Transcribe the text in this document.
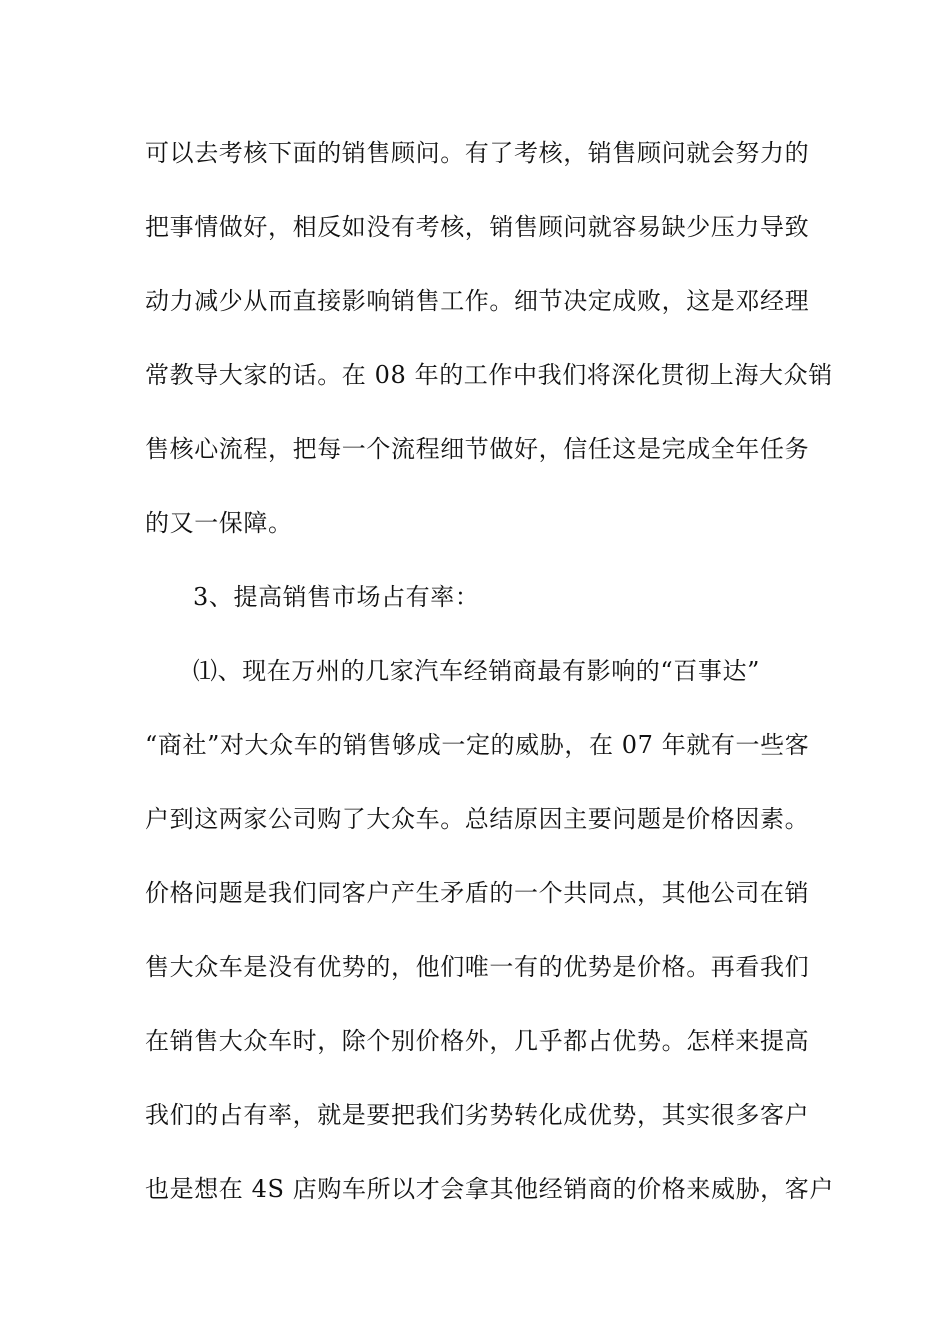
可以去考核下面的销售顾问。有了考核，销售顾问就会努力的
把事情做好，相反如没有考核，销售顾问就容易缺少压力导致
动力减少从而直接影响销售工作。细节决定成败，这是邓经理
常教导大家的话。在 08 年的工作中我们将深化贯彻上海大众销
售核心流程，把每一个流程细节做好，信任这是完成全年任务
的又一保障。
3、提高销售市场占有率：
⑴、现在万州的几家汽车经销商最有影响的“百事达”
“商社”对大众车的销售够成一定的威胁，在 07 年就有一些客
户到这两家公司购了大众车。总结原因主要问题是价格因素。
价格问题是我们同客户产生矛盾的一个共同点，其他公司在销
售大众车是没有优势的，他们唯一有的优势是价格。再看我们
在销售大众车时，除个别价格外，几乎都占优势。怎样来提高
我们的占有率，就是要把我们劣势转化成优势，其实很多客户
也是想在 4S 店购车所以才会拿其他经销商的价格来威胁，客户
